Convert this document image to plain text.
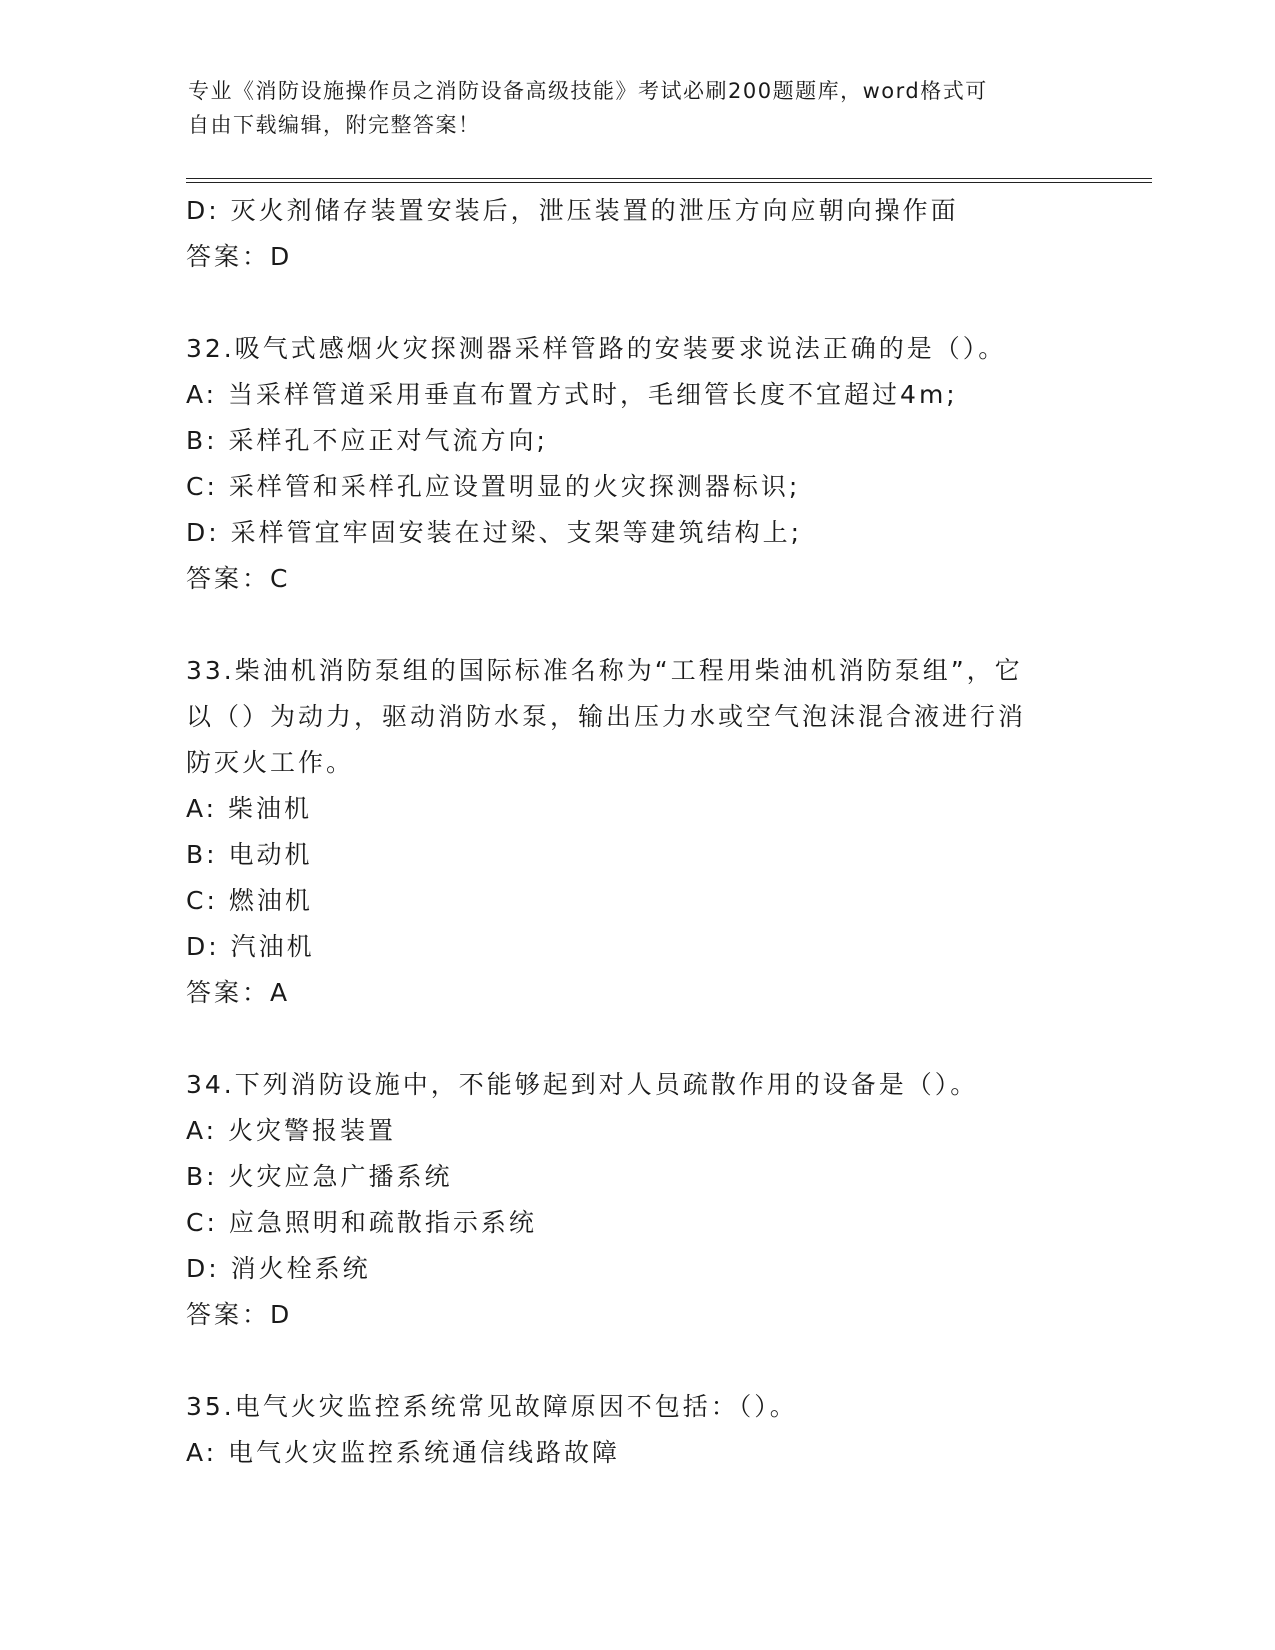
专业《消防设施操作员之消防设备高级技能》考试必刷200题题库，word格式可
自由下载编辑，附完整答案！
D: 灭火剂储存装置安装后，泄压装置的泄压方向应朝向操作面
答案：D
32.吸气式感烟火灾探测器采样管路的安装要求说法正确的是（）。
A: 当采样管道采用垂直布置方式时，毛细管长度不宜超过4m;
B: 采样孔不应正对气流方向;
C: 采样管和采样孔应设置明显的火灾探测器标识;
D: 采样管宜牢固安装在过梁、支架等建筑结构上;
答案：C
33.柴油机消防泵组的国际标准名称为“工程用柴油机消防泵组”，它
以（）为动力，驱动消防水泵，输出压力水或空气泡沫混合液进行消
防灭火工作。
A: 柴油机
B: 电动机
C: 燃油机
D: 汽油机
答案：A
34.下列消防设施中，不能够起到对人员疏散作用的设备是（）。
A: 火灾警报装置
B: 火灾应急广播系统
C: 应急照明和疏散指示系统
D: 消火栓系统
答案：D
35.电气火灾监控系统常见故障原因不包括：（）。
A: 电气火灾监控系统通信线路故障
